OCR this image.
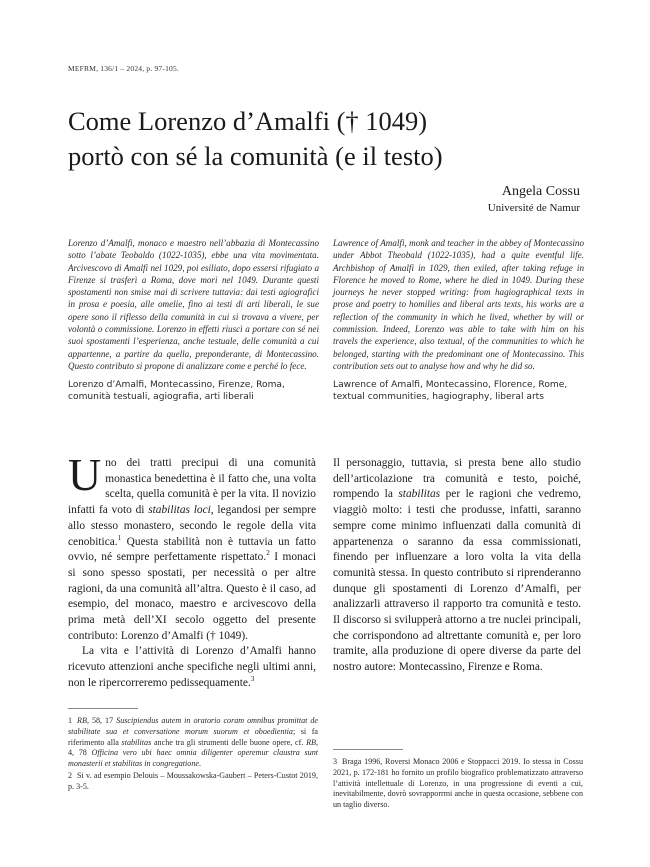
MEFRM, 136/1 – 2024, p. 97-105.
Come Lorenzo d’Amalfi († 1049)
portò con sé la comunità (e il testo)
Angela Cossu
Université de Namur
Lorenzo d’Amalfi, monaco e maestro nell’abbazia di Montecassino sotto l’abate Teobaldo (1022-1035), ebbe una vita movimentata. Arcivescovo di Amalfi nel 1029, poi esiliato, dopo essersi rifugiato a Firenze si trasferì a Roma, dove morì nel 1049. Durante questi spostamenti non smise mai di scrivere tuttavia: dai testi agiografici in prosa e poesia, alle omelie, fino ai testi di arti liberali, le sue opere sono il riflesso della comunità in cui si trovava a vivere, per volontà o commissione. Lorenzo in effetti riuscì a portare con sé nei suoi spostamenti l’esperienza, anche testuale, delle comunità a cui appartenne, a partire da quella, preponderante, di Montecassino. Questo contributo si propone di analizzare come e perché lo fece.
Lawrence of Amalfi, monk and teacher in the abbey of Montecassino under Abbot Theobald (1022-1035), had a quite eventful life. Archbishop of Amalfi in 1029, then exiled, after taking refuge in Florence he moved to Rome, where he died in 1049. During these journeys he never stopped writing: from hagiographical texts in prose and poetry to homilies and liberal arts texts, his works are a reflection of the community in which he lived, whether by will or commission. Indeed, Lorenzo was able to take with him on his travels the experience, also textual, of the communities to which he belonged, starting with the predominant one of Montecassino. This contribution sets out to analyse how and why he did so.
Lorenzo d’Amalfi, Montecassino, Firenze, Roma, comunità testuali, agiografia, arti liberali
Lawrence of Amalfi, Montecassino, Florence, Rome, textual communities, hagiography, liberal arts

Uno dei tratti precipui di una comunità monastica benedettina è il fatto che, una volta scelta, quella comunità è per la vita. Il novizio infatti fa voto di stabilitas loci, legandosi per sempre allo stesso monastero, secondo le regole della vita cenobitica.$^1$ Questa stabilità non è tuttavia un fatto ovvio, né sempre perfettamente rispettato.$^2$ I monaci si sono spesso spostati, per necessità o per altre ragioni, da una comunità all’altra. Questo è il caso, ad esempio, del monaco, maestro e arcivescovo della prima metà dell’XI secolo oggetto del presente contributo: Lorenzo d’Amalfi († 1049).

La vita e l’attività di Lorenzo d’Amalfi hanno ricevuto attenzioni anche specifiche negli ultimi anni, non le ripercorreremo pedissequamente.$^3$

Il personaggio, tuttavia, si presta bene allo studio dell’articolazione tra comunità e testo, poiché, rompendo la stabilitas per le ragioni che vedremo, viaggiò molto: i testi che produsse, infatti, saranno sempre come minimo influenzati dalla comunità di appartenenza o saranno da essa commissionati, finendo per influenzare a loro volta la vita della comunità stessa. In questo contributo si riprenderanno dunque gli spostamenti di Lorenzo d’Amalfi, per analizzarli attraverso il rapporto tra comunità e testo. Il discorso si svilupperà attorno a tre nuclei principali, che corrispondono ad altrettante comunità e, per loro tramite, alla produzione di opere diverse da parte del nostro autore: Montecassino, Firenze e Roma.

1 RB, 58, 17 Suscipiendus autem in oratorio coram omnibus promittat de stabilitate sua et conversatione morum suorum et oboedientia; si fa riferimento alla stabilitas anche tra gli strumenti delle buone opere, cf. RB, 4, 78 Officina vero ubi haec omnia diligenter operemur claustra sunt monasterii et stabilitas in congregatione.

2 Si v. ad esempio Delouis – Moussakowska-Gaubert – Peters-Custot 2019, p. 3-5.

3 Braga 1996, Roversi Monaco 2006 e Stoppacci 2019. Io stessa in Cossu 2021, p. 172-181 ho fornito un profilo biografico problematizzato attraverso l’attività intellettuale di Lorenzo, in una progressione di eventi a cui, inevitabilmente, dovrò sovrapporrmi anche in questa occasione, sebbene con un taglio diverso.
